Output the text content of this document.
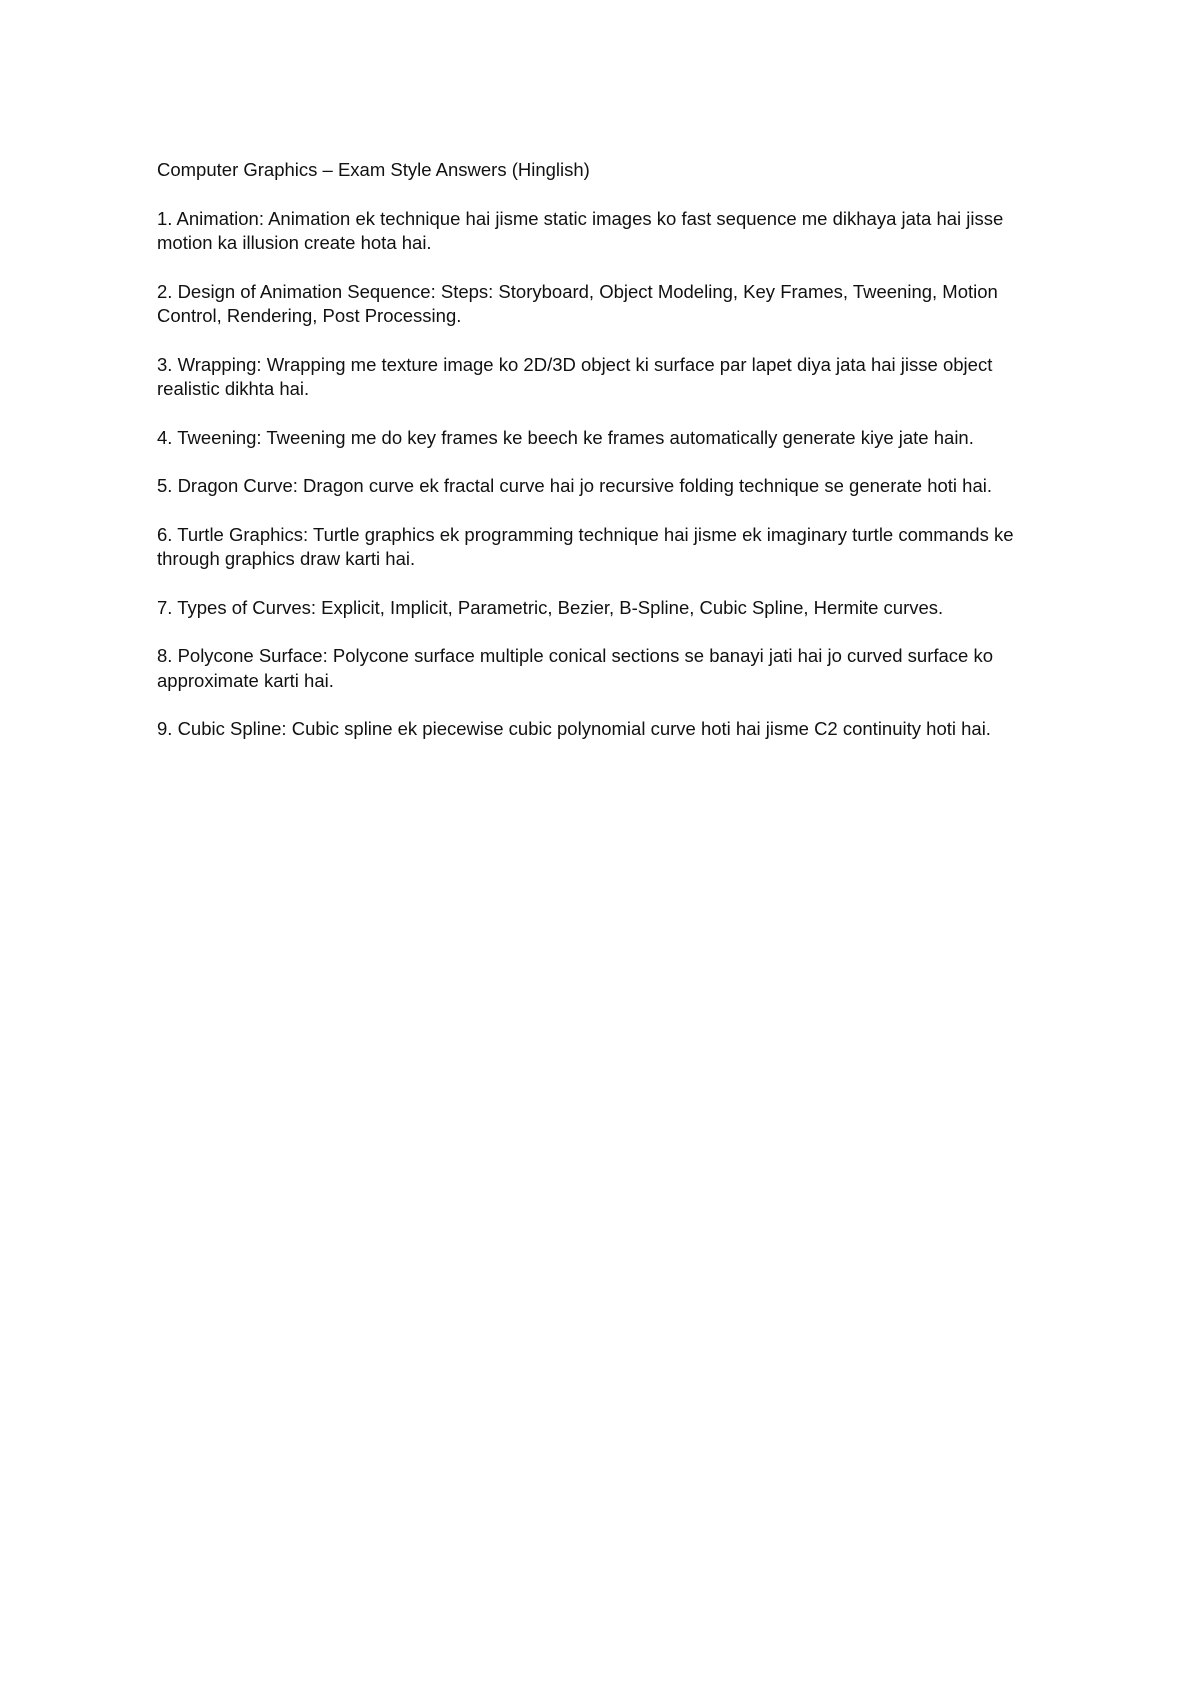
Computer Graphics – Exam Style Answers (Hinglish)

1. Animation: Animation ek technique hai jisme static images ko fast sequence me dikhaya jata hai jisse motion ka illusion create hota hai.

2. Design of Animation Sequence: Steps: Storyboard, Object Modeling, Key Frames, Tweening, Motion Control, Rendering, Post Processing.

3. Wrapping: Wrapping me texture image ko 2D/3D object ki surface par lapet diya jata hai jisse object realistic dikhta hai.

4. Tweening: Tweening me do key frames ke beech ke frames automatically generate kiye jate hain.

5. Dragon Curve: Dragon curve ek fractal curve hai jo recursive folding technique se generate hoti hai.

6. Turtle Graphics: Turtle graphics ek programming technique hai jisme ek imaginary turtle commands ke through graphics draw karti hai.

7. Types of Curves: Explicit, Implicit, Parametric, Bezier, B-Spline, Cubic Spline, Hermite curves.

8. Polycone Surface: Polycone surface multiple conical sections se banayi jati hai jo curved surface ko approximate karti hai.

9. Cubic Spline: Cubic spline ek piecewise cubic polynomial curve hoti hai jisme C2 continuity hoti hai.
